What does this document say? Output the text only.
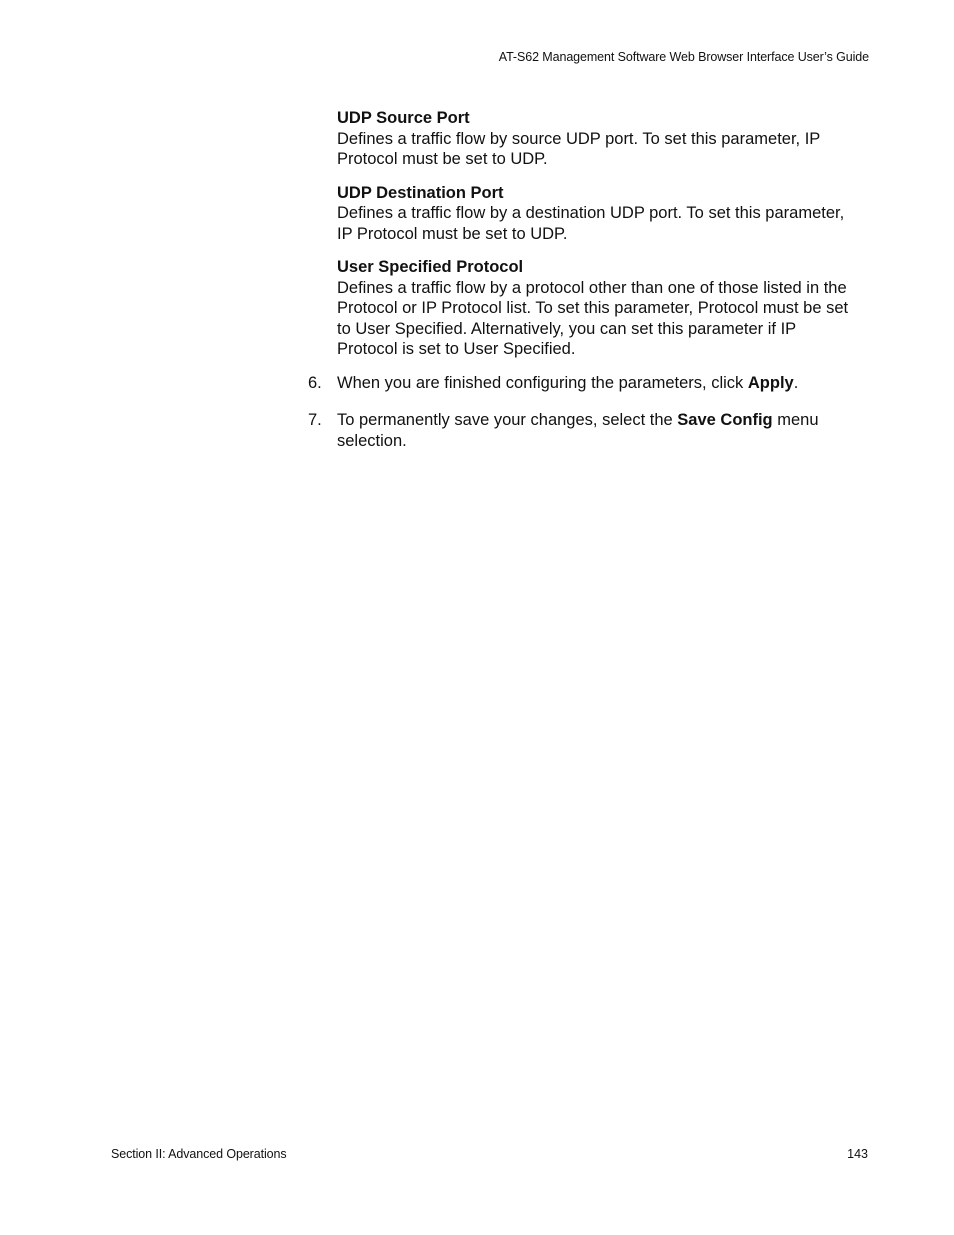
AT-S62 Management Software Web Browser Interface User’s Guide

UDP Source Port

Defines a traffic flow by source UDP port. To set this parameter, IP
Protocol must be set to UDP.

UDP Destination Port

Defines a traffic flow by a destination UDP port. To set this parameter,
IP Protocol must be set to UDP.

User Specified Protocol

Defines a traffic flow by a protocol other than one of those listed in the
Protocol or IP Protocol list. To set this parameter, Protocol must be set
to User Specified. Alternatively, you can set this parameter if IP
Protocol is set to User Specified.

6. When you are finished configuring the parameters, click Apply.

7. To permanently save your changes, select the Save Config menu
selection.

Section II: Advanced Operations	143
